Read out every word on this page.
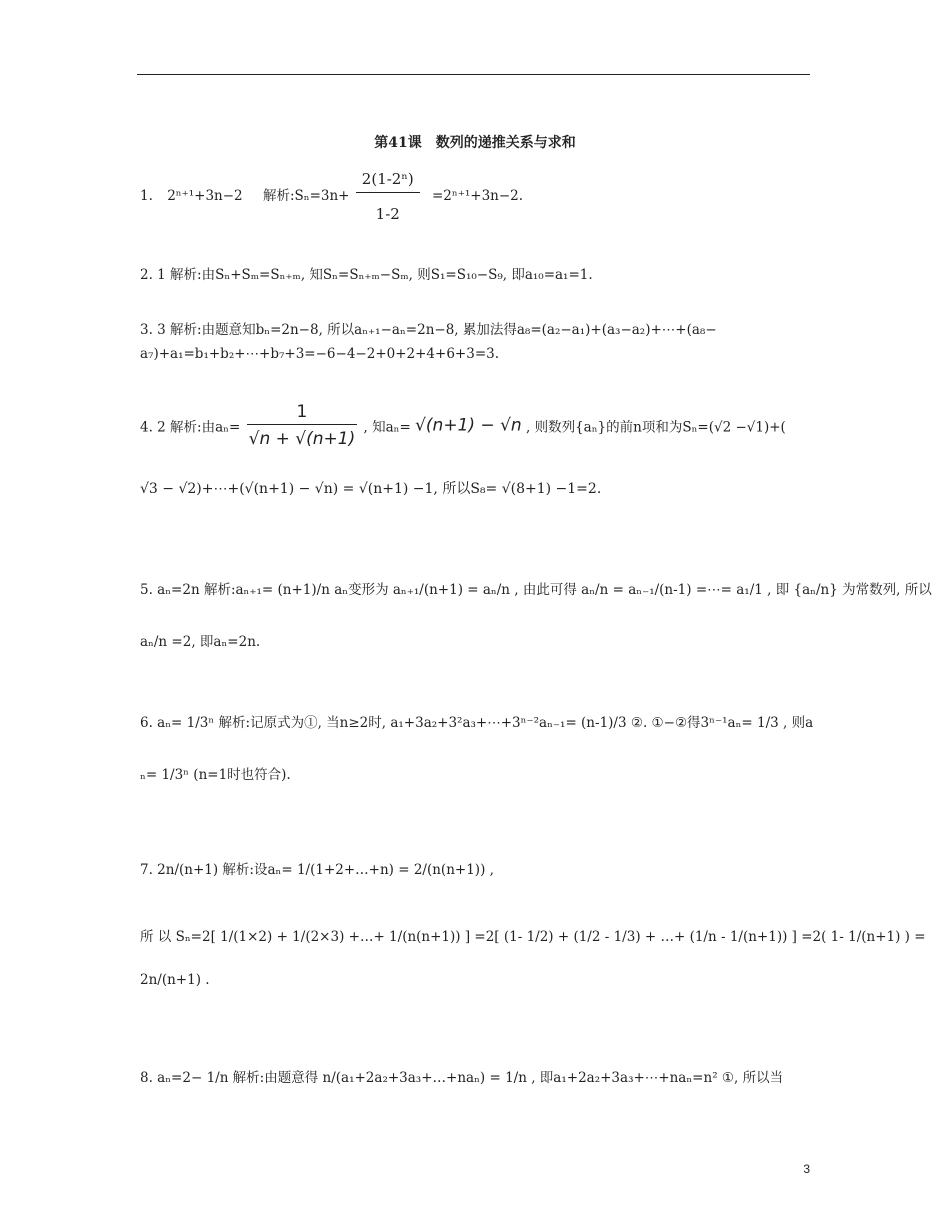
第41课　数列的递推关系与求和
1. 2ⁿ⁺¹+3n−2 解析:Sₙ=3n+ $\frac{\text{2(1-2ⁿ)}}{1-2} =2^{n+1}+3n-2$.
2. 1 解析:由Sₙ+Sₘ=Sₙ₊ₘ, 知Sₙ=Sₙ₊ₘ−Sₘ, 则S₁=S₁₀−S₉, 即a₁₀=a₁=1.
3. 3 解析:由题意知bₙ=2n−8, 所以aₙ₊₁−aₙ=2n−8, 累加法得a₈=(a₂−a₁)+(a₃−a₂)+⋯+(a₈−
a₇)+a₁=b₁+b₂+⋯+b₇+3=−6−4−2+0+2+4+6+3=3.
4. 2 解析:由$a_n= \frac{1}{√n + √(n+1)}$ , 知aₙ= √(n+1) − √n , 则数列{aₙ}的前n项和为Sₙ=(√2 −√1)+(
√3 − √2)+⋯+(√(n+1) − √n) = √(n+1) −1, 所以S₈= √(8+1) −1=2.
5. aₙ=2n 解析:aₙ₊₁= (n+1)/n aₙ变形为 aₙ₊₁/(n+1) = aₙ/n , 由此可得 aₙ/n = aₙ₋₁/(n-1) =⋯= a₁/1 , 即 {aₙ/n} 为常数列, 所以
aₙ/n =2, 即aₙ=2n.
6. aₙ= 1/3ⁿ 解析:记原式为①, 当n≥2时, a₁+3a₂+3²a₃+⋯+3ⁿ⁻²aₙ₋₁= (n-1)/3 ②. ①−②得3ⁿ⁻¹aₙ= 1/3 , 则a
ₙ= 1/3ⁿ (n=1时也符合).
7. 2n/(n+1) 解析:设aₙ= 1/(1+2+…+n) = 2/(n(n+1)) ,
所 以 Sₙ=2[ 1/(1×2) + 1/(2×3) +…+ 1/(n(n+1)) ] =2[ (1- 1/2) + (1/2 - 1/3) + …+ (1/n - 1/(n+1)) ] =2( 1- 1/(n+1) ) =
2n/(n+1) .
8. aₙ=2− 1/n 解析:由题意得 n/(a₁+2a₂+3a₃+…+naₙ) = 1/n , 即a₁+2a₂+3a₃+⋯+naₙ=n² ①, 所以当
3
